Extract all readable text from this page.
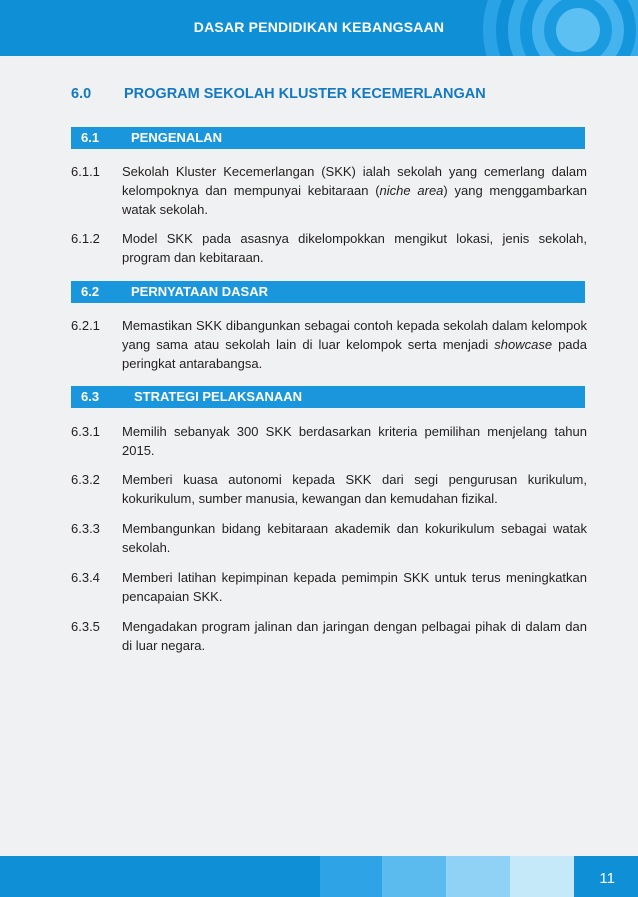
DASAR PENDIDIKAN KEBANGSAAN
6.0 PROGRAM SEKOLAH KLUSTER KECEMERLANGAN
6.1 PENGENALAN
6.1.1 Sekolah Kluster Kecemerlangan (SKK) ialah sekolah yang cemerlang dalam kelompoknya dan mempunyai kebitaraan (niche area) yang menggambarkan watak sekolah.
6.1.2 Model SKK pada asasnya dikelompokkan mengikut lokasi, jenis sekolah, program dan kebitaraan.
6.2 PERNYATAAN DASAR
6.2.1 Memastikan SKK dibangunkan sebagai contoh kepada sekolah dalam kelompok yang sama atau sekolah lain di luar kelompok serta menjadi showcase pada peringkat antarabangsa.
6.3	STRATEGI PELAKSANAAN
6.3.1 Memilih sebanyak 300 SKK berdasarkan kriteria pemilihan menjelang tahun 2015.
6.3.2 Memberi kuasa autonomi kepada SKK dari segi pengurusan kurikulum, kokurikulum, sumber manusia, kewangan dan kemudahan fizikal.
6.3.3 Membangunkan bidang kebitaraan akademik dan kokurikulum sebagai watak sekolah.
6.3.4 Memberi latihan kepimpinan kepada pemimpin SKK untuk terus meningkatkan pencapaian SKK.
6.3.5 Mengadakan program jalinan dan jaringan dengan pelbagai pihak di dalam dan di luar negara.
11
